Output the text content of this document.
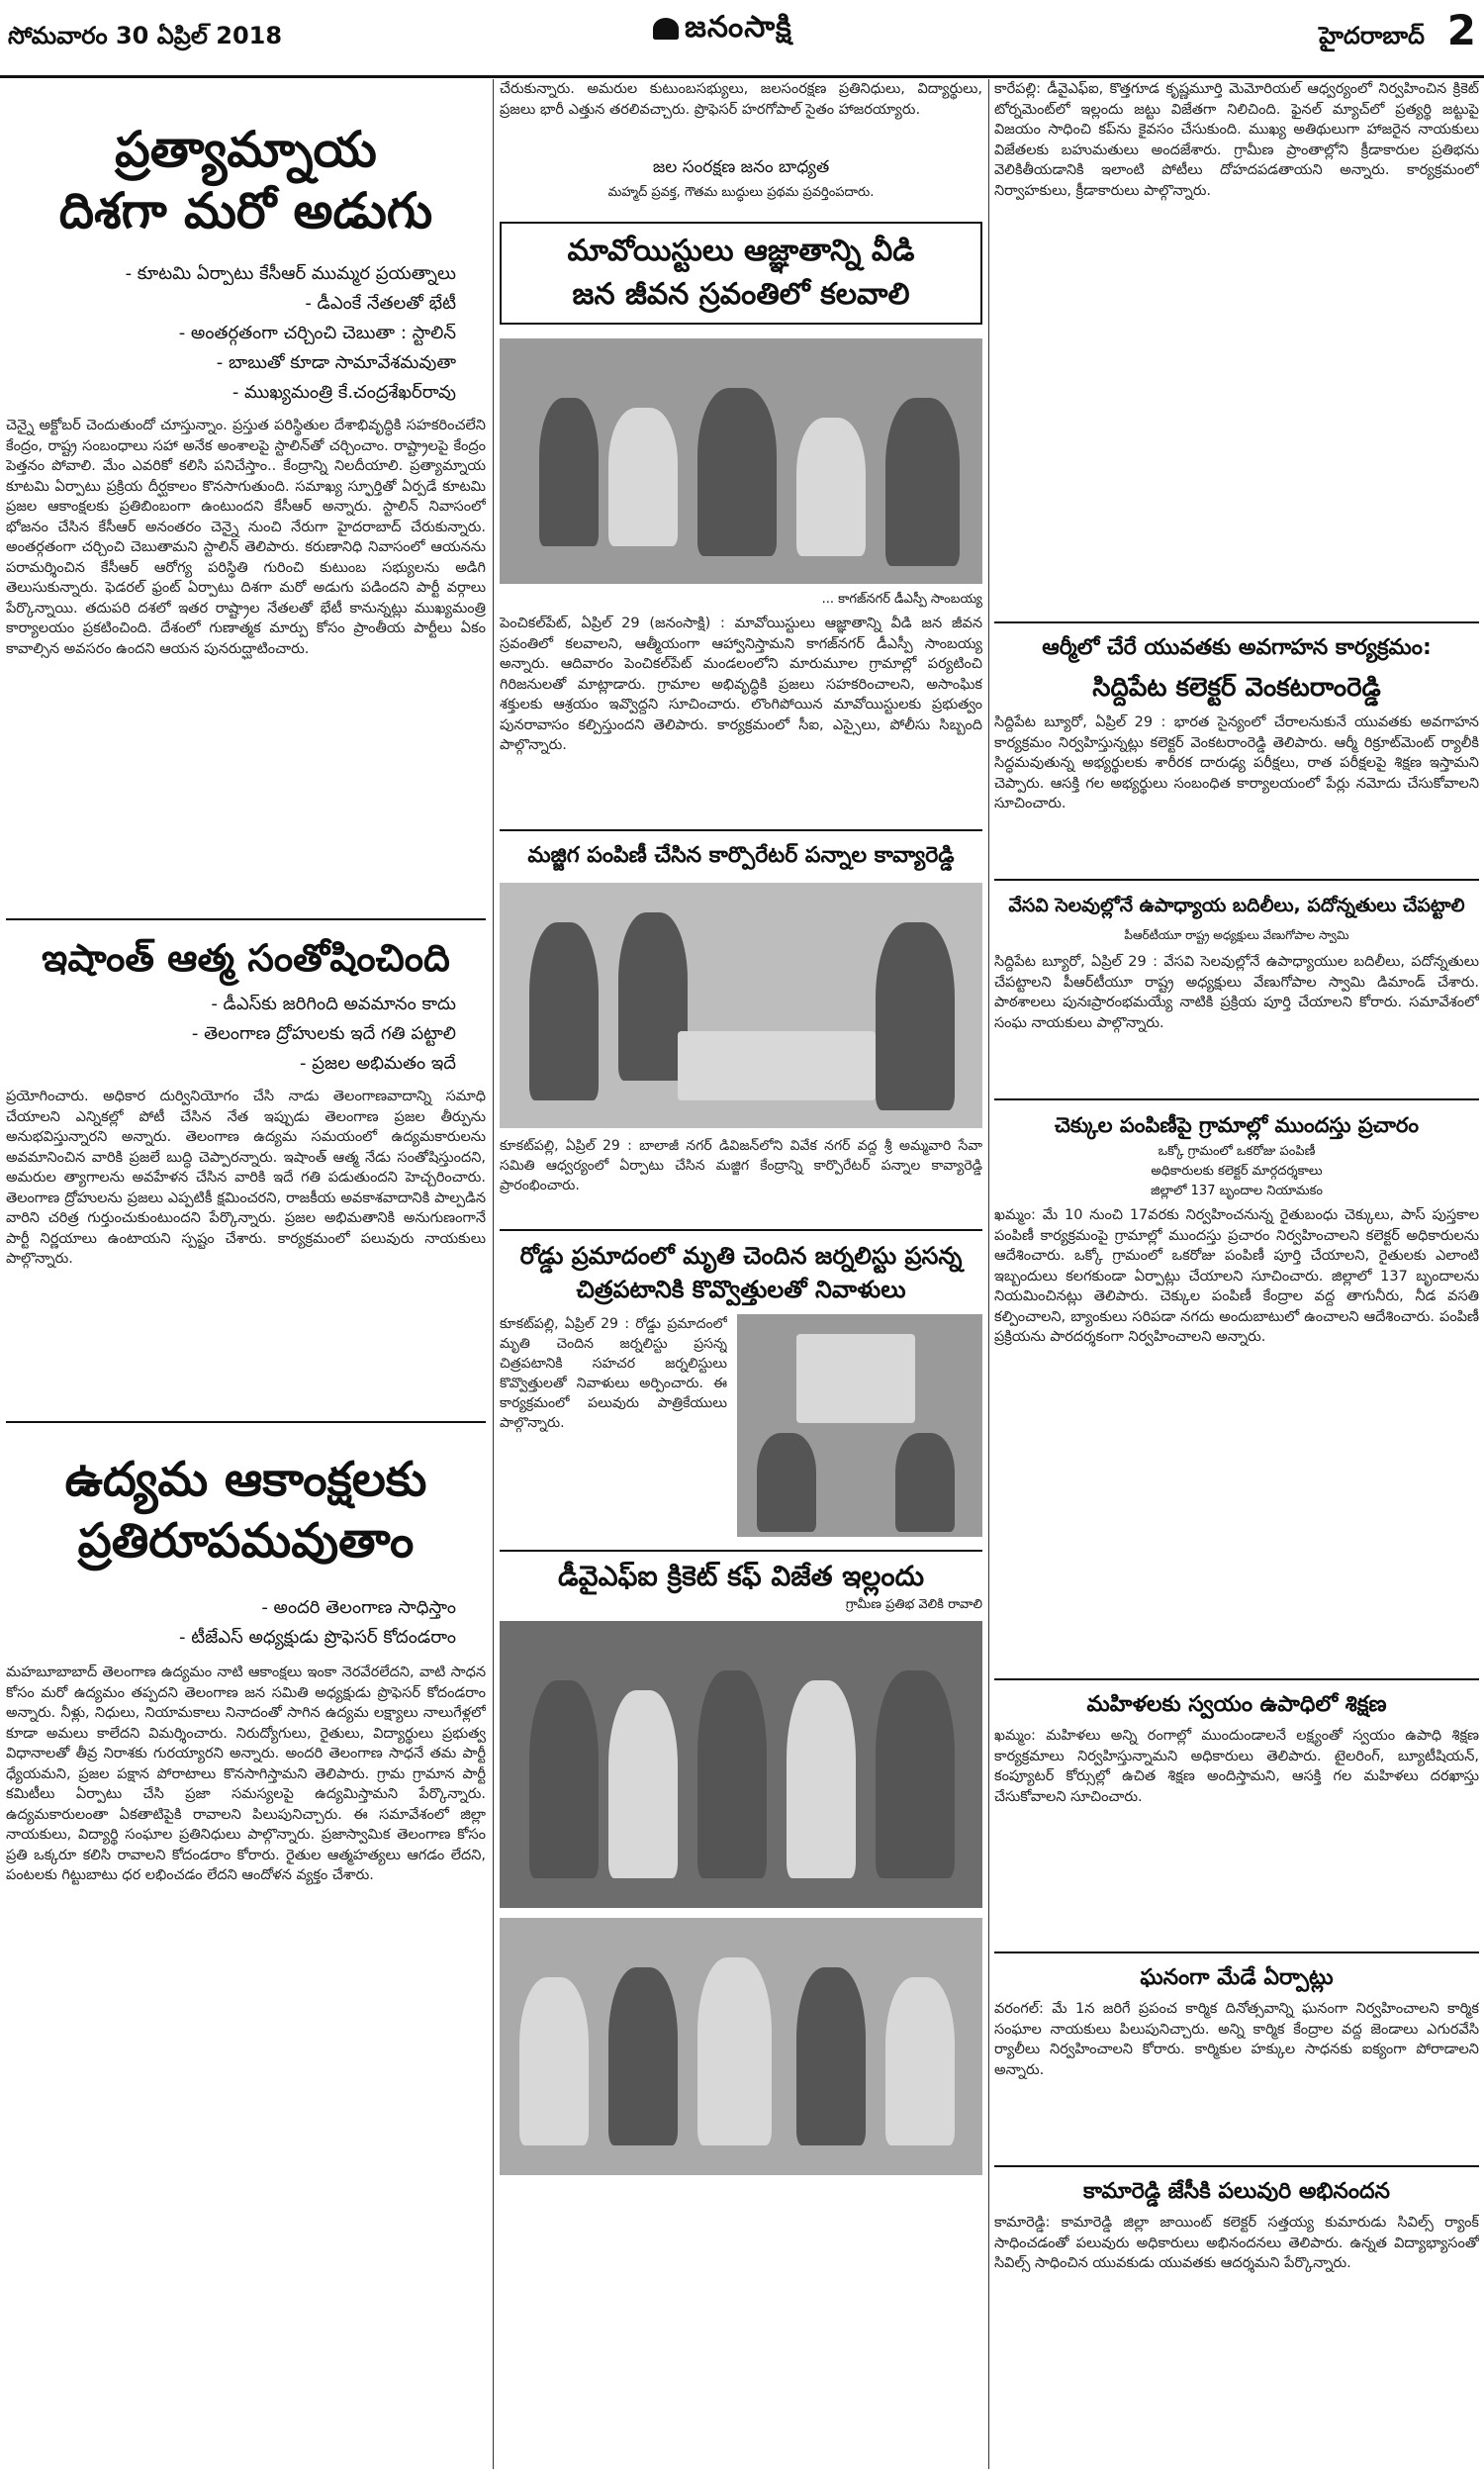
సోమవారం 30 ఏప్రిల్ 2018	జనంసాక్షి	హైదరాబాద్ 2
ప్రత్యామ్నాయ
దిశగా మరో అడుగు

- కూటమి ఏర్పాటు కేసీఆర్ ముమ్మర ప్రయత్నాలు

- డీఎంకే నేతలతో భేటీ

- అంతర్గతంగా చర్చించి చెబుతా : స్టాలిన్

- బాబుతో కూడా సామావేశమవుతా

- ముఖ్యమంత్రి కే.చంద్రశేఖర్‌రావు

చెన్నై అక్టోబర్ చెందుతుందో చూస్తున్నాం. ప్రస్తుత పరిస్థితుల దేశాభివృద్ధికి సహకరించలేని కేంద్రం, రాష్ట్ర సంబంధాలు సహా అనేక అంశాలపై స్టాలిన్‌తో చర్చించాం. రాష్ట్రాలపై కేంద్రం పెత్తనం పోవాలి. మేం ఎవరికో కలిసి పనిచేస్తాం.. కేంద్రాన్ని నిలదీయాలి. ప్రత్యామ్నాయ కూటమి ఏర్పాటు ప్రక్రియ దీర్ఘకాలం కొనసాగుతుంది. సమాఖ్య స్ఫూర్తితో ఏర్పడే కూటమి ప్రజల ఆకాంక్షలకు ప్రతిబింబంగా ఉంటుందని కేసీఆర్ అన్నారు. స్టాలిన్ నివాసంలో భోజనం చేసిన కేసీఆర్ అనంతరం చెన్నై నుంచి నేరుగా హైదరాబాద్ చేరుకున్నారు. అంతర్గతంగా చర్చించి చెబుతామని స్టాలిన్ తెలిపారు. కరుణానిధి నివాసంలో ఆయనను పరామర్శించిన కేసీఆర్ ఆరోగ్య పరిస్థితి గురించి కుటుంబ సభ్యులను అడిగి తెలుసుకున్నారు. ఫెడరల్ ఫ్రంట్ ఏర్పాటు దిశగా మరో అడుగు పడిందని పార్టీ వర్గాలు పేర్కొన్నాయి. తదుపరి దశలో ఇతర రాష్ట్రాల నేతలతో భేటీ కానున్నట్లు ముఖ్యమంత్రి కార్యాలయం ప్రకటించింది. దేశంలో గుణాత్మక మార్పు కోసం ప్రాంతీయ పార్టీలు ఏకం కావాల్సిన అవసరం ఉందని ఆయన పునరుద్ఘాటించారు.
ఇషాంత్ ఆత్మ సంతోషించింది

- డీఎస్‌కు జరిగింది అవమానం కాదు

- తెలంగాణ ద్రోహులకు ఇదే గతి పట్టాలి

- ప్రజల అభిమతం ఇదే

ప్రయోగించారు. అధికార దుర్వినియోగం చేసి నాడు తెలంగాణవాదాన్ని సమాధి చేయాలని ఎన్నికల్లో పోటీ చేసిన నేత ఇప్పుడు తెలంగాణ ప్రజల తీర్పును అనుభవిస్తున్నారని అన్నారు. తెలంగాణ ఉద్యమ సమయంలో ఉద్యమకారులను అవమానించిన వారికి ప్రజలే బుద్ధి చెప్పారన్నారు. ఇషాంత్ ఆత్మ నేడు సంతోషిస్తుందని, అమరుల త్యాగాలను అవహేళన చేసిన వారికి ఇదే గతి పడుతుందని హెచ్చరించారు. తెలంగాణ ద్రోహులను ప్రజలు ఎప్పటికీ క్షమించరని, రాజకీయ అవకాశవాదానికి పాల్పడిన వారిని చరిత్ర గుర్తుంచుకుంటుందని పేర్కొన్నారు. ప్రజల అభిమతానికి అనుగుణంగానే పార్టీ నిర్ణయాలు ఉంటాయని స్పష్టం చేశారు. కార్యక్రమంలో పలువురు నాయకులు పాల్గొన్నారు.
ఉద్యమ ఆకాంక్షలకు
ప్రతిరూపమవుతాం

- అందరి తెలంగాణ సాధిస్తాం

- టీజేఎస్ అధ్యక్షుడు ప్రొఫెసర్ కోదండరాం

మహబూబాబాద్ తెలంగాణ ఉద్యమం నాటి ఆకాంక్షలు ఇంకా నెరవేరలేదని, వాటి సాధన కోసం మరో ఉద్యమం తప్పదని తెలంగాణ జన సమితి అధ్యక్షుడు ప్రొఫెసర్ కోదండరాం అన్నారు. నీళ్లు, నిధులు, నియామకాలు నినాదంతో సాగిన ఉద్యమ లక్ష్యాలు నాలుగేళ్లలో కూడా అమలు కాలేదని విమర్శించారు. నిరుద్యోగులు, రైతులు, విద్యార్థులు ప్రభుత్వ విధానాలతో తీవ్ర నిరాశకు గురయ్యారని అన్నారు. అందరి తెలంగాణ సాధనే తమ పార్టీ ధ్యేయమని, ప్రజల పక్షాన పోరాటాలు కొనసాగిస్తామని తెలిపారు. గ్రామ గ్రామాన పార్టీ కమిటీలు ఏర్పాటు చేసి ప్రజా సమస్యలపై ఉద్యమిస్తామని పేర్కొన్నారు. ఉద్యమకారులంతా ఏకతాటిపైకి రావాలని పిలుపునిచ్చారు. ఈ సమావేశంలో జిల్లా నాయకులు, విద్యార్థి సంఘాల ప్రతినిధులు పాల్గొన్నారు. ప్రజాస్వామిక తెలంగాణ కోసం ప్రతి ఒక్కరూ కలిసి రావాలని కోదండరాం కోరారు. రైతుల ఆత్మహత్యలు ఆగడం లేదని, పంటలకు గిట్టుబాటు ధర లభించడం లేదని ఆందోళన వ్యక్తం చేశారు.
చేరుకున్నారు. అమరుల కుటుంబసభ్యులు, జలసంరక్షణ ప్రతినిధులు, విద్యార్థులు, ప్రజలు భారీ ఎత్తున తరలివచ్చారు. ప్రొఫెసర్ హరగోపాల్ సైతం హాజరయ్యారు.

జల సంరక్షణ జనం బాధ్యత

మహ్మద్ ప్రవక్త, గౌతమ బుద్ధులు ప్రథమ ప్రవర్తింపదారు.

మావోయిస్టులు ఆజ్ఞాతాన్ని వీడి
జన జీవన స్రవంతిలో కలవాలి
... కాగజ్‌నగర్ డీఎస్పీ సాంబయ్య
పెంచికల్‌పేట్, ఏప్రిల్ 29 (జనంసాక్షి) : మావోయిస్టులు ఆజ్ఞాతాన్ని వీడి జన జీవన స్రవంతిలో కలవాలని, ఆత్మీయంగా ఆహ్వానిస్తామని కాగజ్‌నగర్ డీఎస్పీ సాంబయ్య అన్నారు. ఆదివారం పెంచికల్‌పేట్ మండలంలోని మారుమూల గ్రామాల్లో పర్యటించి గిరిజనులతో మాట్లాడారు. గ్రామాల అభివృద్ధికి ప్రజలు సహకరించాలని, అసాంఘిక శక్తులకు ఆశ్రయం ఇవ్వొద్దని సూచించారు. లొంగిపోయిన మావోయిస్టులకు ప్రభుత్వం పునరావాసం కల్పిస్తుందని తెలిపారు. కార్యక్రమంలో సీఐ, ఎస్సైలు, పోలీసు సిబ్బంది పాల్గొన్నారు.
మజ్జిగ పంపిణీ చేసిన కార్పొరేటర్ పన్నాల కావ్యారెడ్డి
కూకట్‌పల్లి, ఏప్రిల్ 29 : బాలాజీ నగర్ డివిజన్‌లోని వివేక నగర్ వద్ద శ్రీ అమ్మవారి సేవా సమితి ఆధ్వర్యంలో ఏర్పాటు చేసిన మజ్జిగ కేంద్రాన్ని కార్పొరేటర్ పన్నాల కావ్యారెడ్డి ప్రారంభించారు.
రోడ్డు ప్రమాదంలో మృతి చెందిన జర్నలిస్టు ప్రసన్న
చిత్రపటానికి కొవ్వొత్తులతో నివాళులు
కూకట్‌పల్లి, ఏప్రిల్ 29 : రోడ్డు ప్రమాదంలో మృతి చెందిన జర్నలిస్టు ప్రసన్న చిత్రపటానికి సహచర జర్నలిస్టులు కొవ్వొత్తులతో నివాళులు అర్పించారు. ఈ కార్యక్రమంలో పలువురు పాత్రికేయులు పాల్గొన్నారు.
డీవైఎఫ్ఐ క్రికెట్ కఫ్ విజేత ఇల్లందు
గ్రామీణ ప్రతిభ వెలికి రావాలి
కారేపల్లి: డీవైఎఫ్ఐ, కొత్తగూడ కృష్ణమూర్తి మెమోరియల్ ఆధ్వర్యంలో నిర్వహించిన క్రికెట్ టోర్నమెంట్‌లో ఇల్లందు జట్టు విజేతగా నిలిచింది. ఫైనల్ మ్యాచ్‌లో ప్రత్యర్థి జట్టుపై విజయం సాధించి కప్‌ను కైవసం చేసుకుంది. ముఖ్య అతిథులుగా హాజరైన నాయకులు విజేతలకు బహుమతులు అందజేశారు. గ్రామీణ ప్రాంతాల్లోని క్రీడాకారుల ప్రతిభను వెలికితీయడానికి ఇలాంటి పోటీలు దోహదపడతాయని అన్నారు. కార్యక్రమంలో నిర్వాహకులు, క్రీడాకారులు పాల్గొన్నారు.
ఆర్మీలో చేరే యువతకు అవగాహన కార్యక్రమం:
సిద్దిపేట కలెక్టర్ వెంకటరాంరెడ్డి
సిద్దిపేట బ్యూరో, ఏప్రిల్ 29 : భారత సైన్యంలో చేరాలనుకునే యువతకు అవగాహన కార్యక్రమం నిర్వహిస్తున్నట్లు కలెక్టర్ వెంకటరాంరెడ్డి తెలిపారు. ఆర్మీ రిక్రూట్‌మెంట్ ర్యాలీకి సిద్ధమవుతున్న అభ్యర్థులకు శారీరక దారుఢ్య పరీక్షలు, రాత పరీక్షలపై శిక్షణ ఇస్తామని చెప్పారు. ఆసక్తి గల అభ్యర్థులు సంబంధిత కార్యాలయంలో పేర్లు నమోదు చేసుకోవాలని సూచించారు.
వేసవి సెలవుల్లోనే ఉపాధ్యాయ బదిలీలు, పదోన్నతులు చేపట్టాలి

పీఆర్‌టీయూ రాష్ట్ర అధ్యక్షులు వేణుగోపాల స్వామి

సిద్దిపేట బ్యూరో, ఏప్రిల్ 29 : వేసవి సెలవుల్లోనే ఉపాధ్యాయుల బదిలీలు, పదోన్నతులు చేపట్టాలని పీఆర్‌టీయూ రాష్ట్ర అధ్యక్షులు వేణుగోపాల స్వామి డిమాండ్ చేశారు. పాఠశాలలు పునఃప్రారంభమయ్యే నాటికి ప్రక్రియ పూర్తి చేయాలని కోరారు. సమావేశంలో సంఘ నాయకులు పాల్గొన్నారు.
చెక్కుల పంపిణీపై గ్రామాల్లో ముందస్తు ప్రచారం

ఒక్కో గ్రామంలో ఒకరోజు పంపిణీ

అధికారులకు కలెక్టర్ మార్గదర్శకాలు

జిల్లాలో 137 బృందాల నియామకం

ఖమ్మం: మే 10 నుంచి 17వరకు నిర్వహించనున్న రైతుబంధు చెక్కులు, పాస్ పుస్తకాల పంపిణీ కార్యక్రమంపై గ్రామాల్లో ముందస్తు ప్రచారం నిర్వహించాలని కలెక్టర్ అధికారులను ఆదేశించారు. ఒక్కో గ్రామంలో ఒకరోజు పంపిణీ పూర్తి చేయాలని, రైతులకు ఎలాంటి ఇబ్బందులు కలగకుండా ఏర్పాట్లు చేయాలని సూచించారు. జిల్లాలో 137 బృందాలను నియమించినట్లు తెలిపారు. చెక్కుల పంపిణీ కేంద్రాల వద్ద తాగునీరు, నీడ వసతి కల్పించాలని, బ్యాంకులు సరిపడా నగదు అందుబాటులో ఉంచాలని ఆదేశించారు. పంపిణీ ప్రక్రియను పారదర్శకంగా నిర్వహించాలని అన్నారు.
మహిళలకు స్వయం ఉపాధిలో శిక్షణ
ఖమ్మం: మహిళలు అన్ని రంగాల్లో ముందుండాలనే లక్ష్యంతో స్వయం ఉపాధి శిక్షణ కార్యక్రమాలు నిర్వహిస్తున్నామని అధికారులు తెలిపారు. టైలరింగ్, బ్యూటీషియన్, కంప్యూటర్ కోర్సుల్లో ఉచిత శిక్షణ అందిస్తామని, ఆసక్తి గల మహిళలు దరఖాస్తు చేసుకోవాలని సూచించారు.
ఘనంగా మేడే ఏర్పాట్లు
వరంగల్: మే 1న జరిగే ప్రపంచ కార్మిక దినోత్సవాన్ని ఘనంగా నిర్వహించాలని కార్మిక సంఘాల నాయకులు పిలుపునిచ్చారు. అన్ని కార్మిక కేంద్రాల వద్ద జెండాలు ఎగురవేసి ర్యాలీలు నిర్వహించాలని కోరారు. కార్మికుల హక్కుల సాధనకు ఐక్యంగా పోరాడాలని అన్నారు.
కామారెడ్డి జేసీకి పలువురి అభినందన
కామారెడ్డి: కామారెడ్డి జిల్లా జాయింట్ కలెక్టర్ సత్తయ్య కుమారుడు సివిల్స్ ర్యాంక్ సాధించడంతో పలువురు అధికారులు అభినందనలు తెలిపారు. ఉన్నత విద్యాభ్యాసంతో సివిల్స్ సాధించిన యువకుడు యువతకు ఆదర్శమని పేర్కొన్నారు.
